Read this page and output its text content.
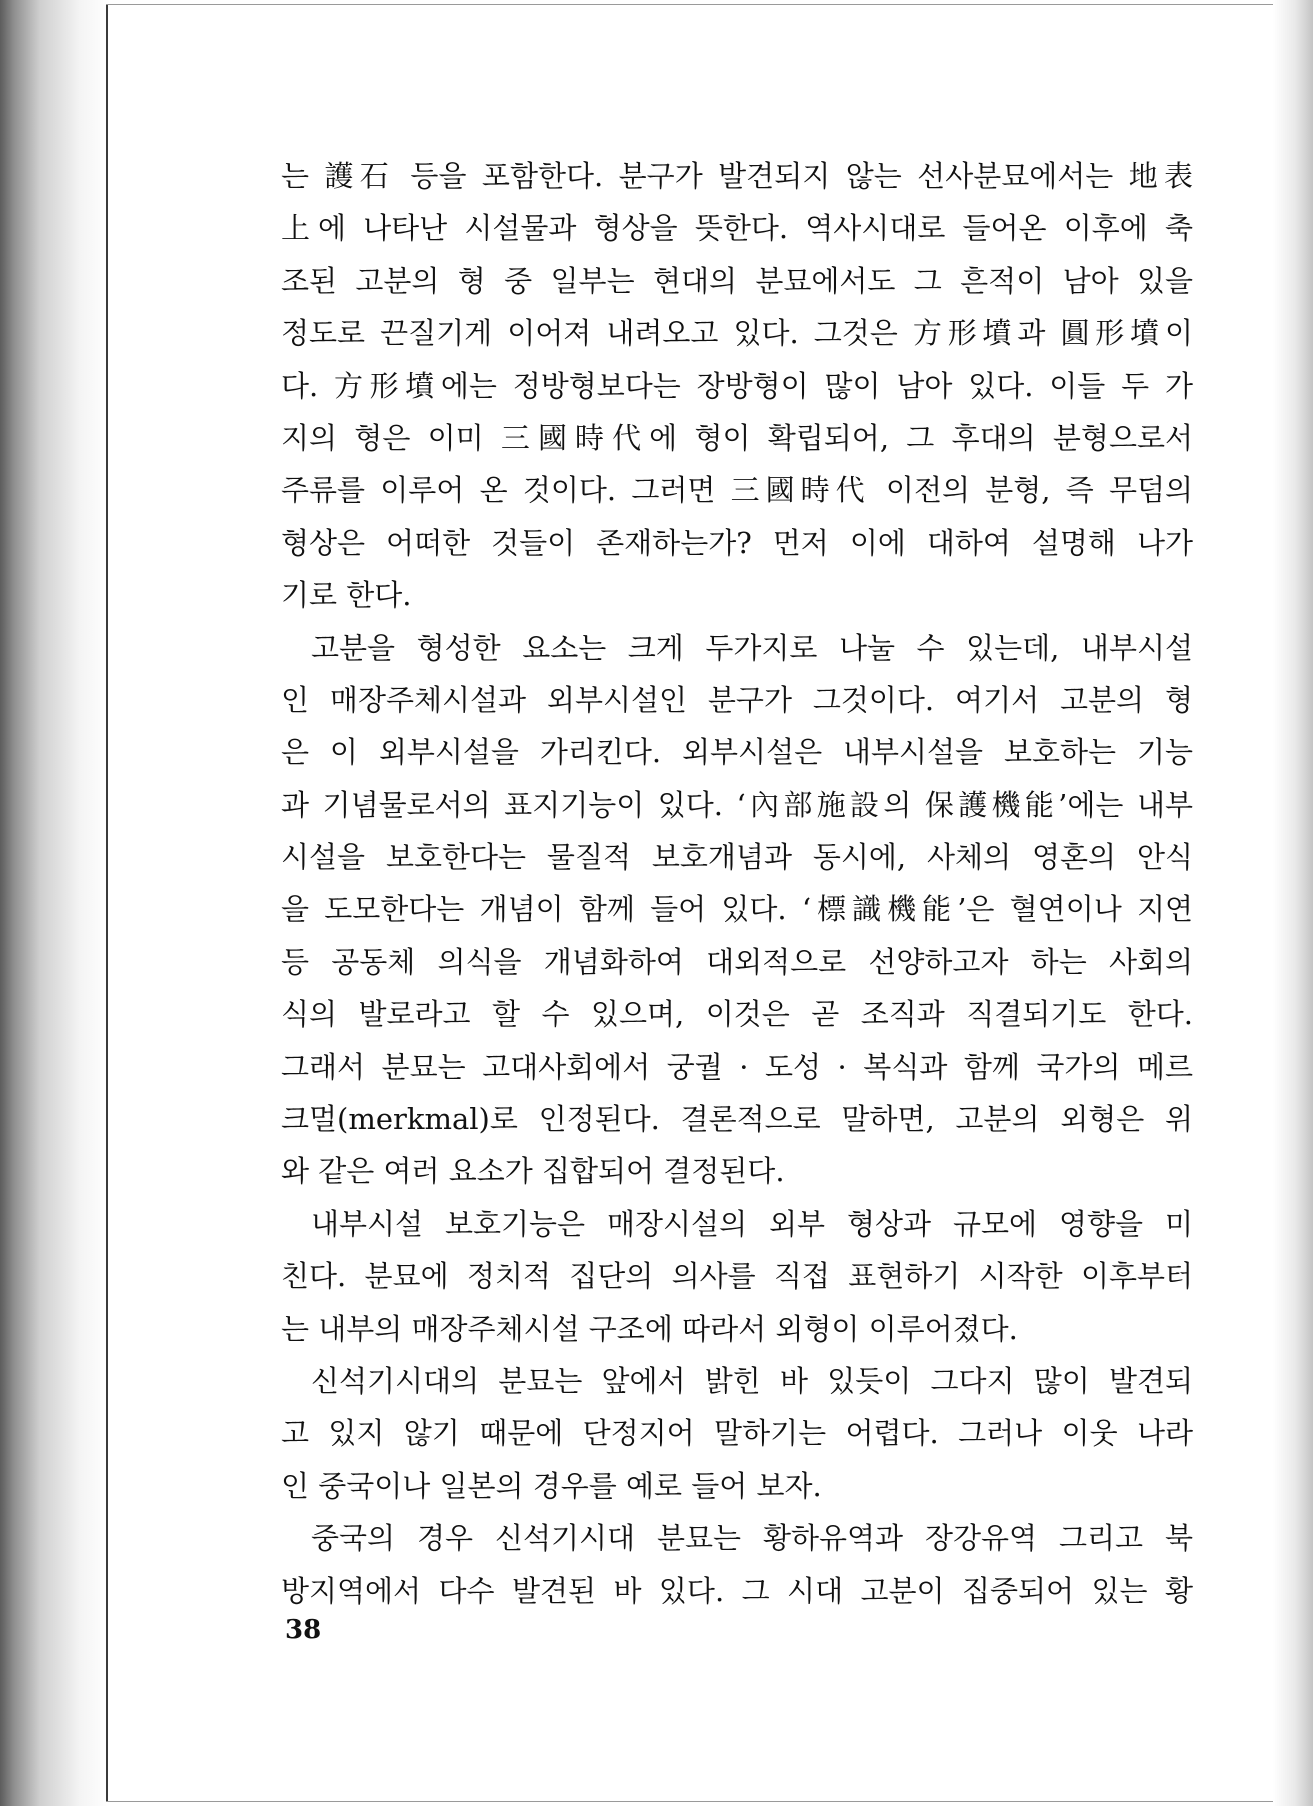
는 護石 등을 포함한다. 분구가 발견되지 않는 선사분묘에서는 地表
上에 나타난 시설물과 형상을 뜻한다. 역사시대로 들어온 이후에 축
조된 고분의 형 중 일부는 현대의 분묘에서도 그 흔적이 남아 있을
정도로 끈질기게 이어져 내려오고 있다. 그것은 方形墳과 圓形墳이
다. 方形墳에는 정방형보다는 장방형이 많이 남아 있다. 이들 두 가
지의 형은 이미 三國時代에 형이 확립되어, 그 후대의 분형으로서
주류를 이루어 온 것이다. 그러면 三國時代 이전의 분형, 즉 무덤의
형상은 어떠한 것들이 존재하는가? 먼저 이에 대하여 설명해 나가
기로 한다.
고분을 형성한 요소는 크게 두가지로 나눌 수 있는데, 내부시설
인 매장주체시설과 외부시설인 분구가 그것이다. 여기서 고분의 형
은 이 외부시설을 가리킨다. 외부시설은 내부시설을 보호하는 기능
과 기념물로서의 표지기능이 있다. ‘內部施設의 保護機能’에는 내부
시설을 보호한다는 물질적 보호개념과 동시에, 사체의 영혼의 안식
을 도모한다는 개념이 함께 들어 있다. ‘標識機能’은 혈연이나 지연
등 공동체 의식을 개념화하여 대외적으로 선양하고자 하는 사회의
식의 발로라고 할 수 있으며, 이것은 곧 조직과 직결되기도 한다.
그래서 분묘는 고대사회에서 궁궐 · 도성 · 복식과 함께 국가의 메르
크멀(merkmal)로 인정된다. 결론적으로 말하면, 고분의 외형은 위
와 같은 여러 요소가 집합되어 결정된다.
내부시설 보호기능은 매장시설의 외부 형상과 규모에 영향을 미
친다. 분묘에 정치적 집단의 의사를 직접 표현하기 시작한 이후부터
는 내부의 매장주체시설 구조에 따라서 외형이 이루어졌다.
신석기시대의 분묘는 앞에서 밝힌 바 있듯이 그다지 많이 발견되
고 있지 않기 때문에 단정지어 말하기는 어렵다. 그러나 이웃 나라
인 중국이나 일본의 경우를 예로 들어 보자.
중국의 경우 신석기시대 분묘는 황하유역과 장강유역 그리고 북
방지역에서 다수 발견된 바 있다. 그 시대 고분이 집중되어 있는 황
38
